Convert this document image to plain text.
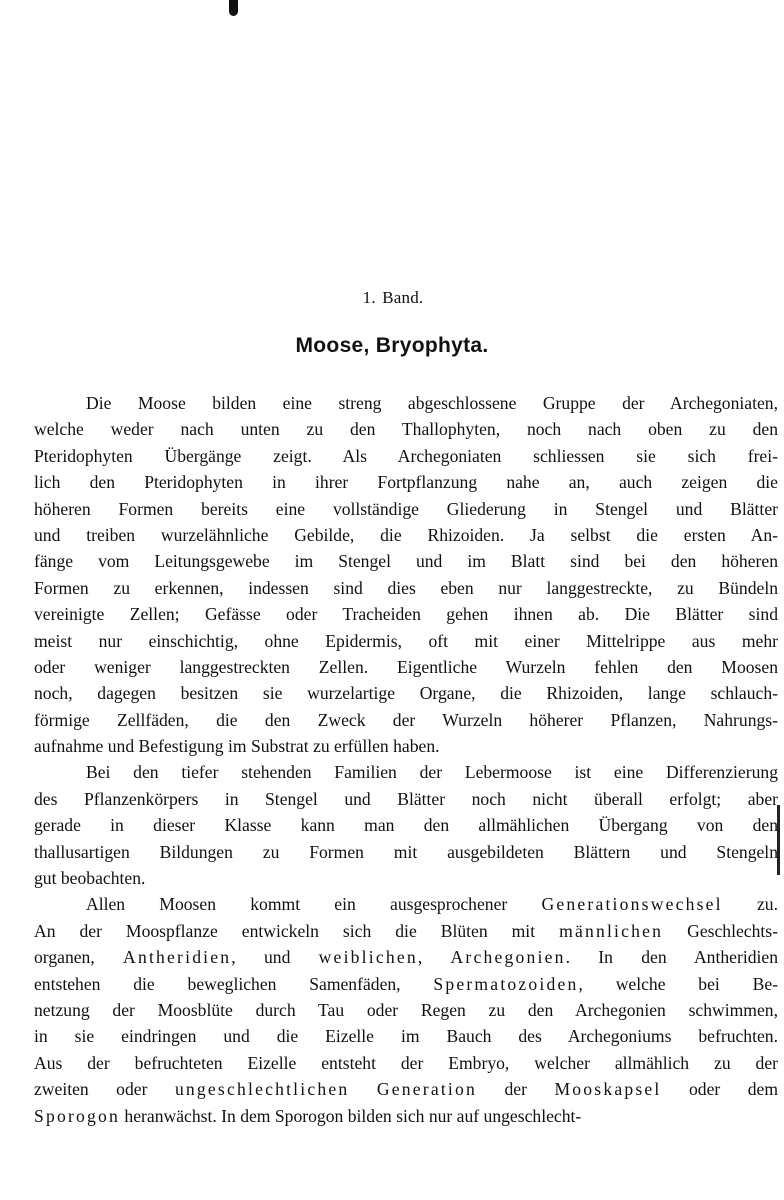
1. Band.
Moose, Bryophyta.
Die Moose bilden eine streng abgeschlossene Gruppe der Archegoniaten,
welche weder nach unten zu den Thallophyten, noch nach oben zu den
Pteridophyten Übergänge zeigt. Als Archegoniaten schliessen sie sich frei-
lich den Pteridophyten in ihrer Fortpflanzung nahe an, auch zeigen die
höheren Formen bereits eine vollständige Gliederung in Stengel und Blätter
und treiben wurzelähnliche Gebilde, die Rhizoiden. Ja selbst die ersten An-
fänge vom Leitungsgewebe im Stengel und im Blatt sind bei den höheren
Formen zu erkennen, indessen sind dies eben nur langgestreckte, zu Bündeln
vereinigte Zellen; Gefässe oder Tracheiden gehen ihnen ab. Die Blätter sind
meist nur einschichtig, ohne Epidermis, oft mit einer Mittelrippe aus mehr
oder weniger langgestreckten Zellen. Eigentliche Wurzeln fehlen den Moosen
noch, dagegen besitzen sie wurzelartige Organe, die Rhizoiden, lange schlauch-
förmige Zellfäden, die den Zweck der Wurzeln höherer Pflanzen, Nahrungs-
aufnahme und Befestigung im Substrat zu erfüllen haben.
Bei den tiefer stehenden Familien der Lebermoose ist eine Differenzierung
des Pflanzenkörpers in Stengel und Blätter noch nicht überall erfolgt; aber
gerade in dieser Klasse kann man den allmählichen Übergang von den
thallusartigen Bildungen zu Formen mit ausgebildeten Blättern und Stengeln
gut beobachten.
Allen Moosen kommt ein ausgesprochener Generationswechsel zu.
An der Moospflanze entwickeln sich die Blüten mit männlichen Geschlechts-
organen, Antheridien, und weiblichen, Archegonien. In den Antheridien
entstehen die beweglichen Samenfäden, Spermatozoiden, welche bei Be-
netzung der Moosblüte durch Tau oder Regen zu den Archegonien schwimmen,
in sie eindringen und die Eizelle im Bauch des Archegoniums befruchten.
Aus der befruchteten Eizelle entsteht der Embryo, welcher allmählich zu der
zweiten oder ungeschlechtlichen Generation der Mooskapsel oder dem
Sporogon heranwächst. In dem Sporogon bilden sich nur auf ungeschlecht-
